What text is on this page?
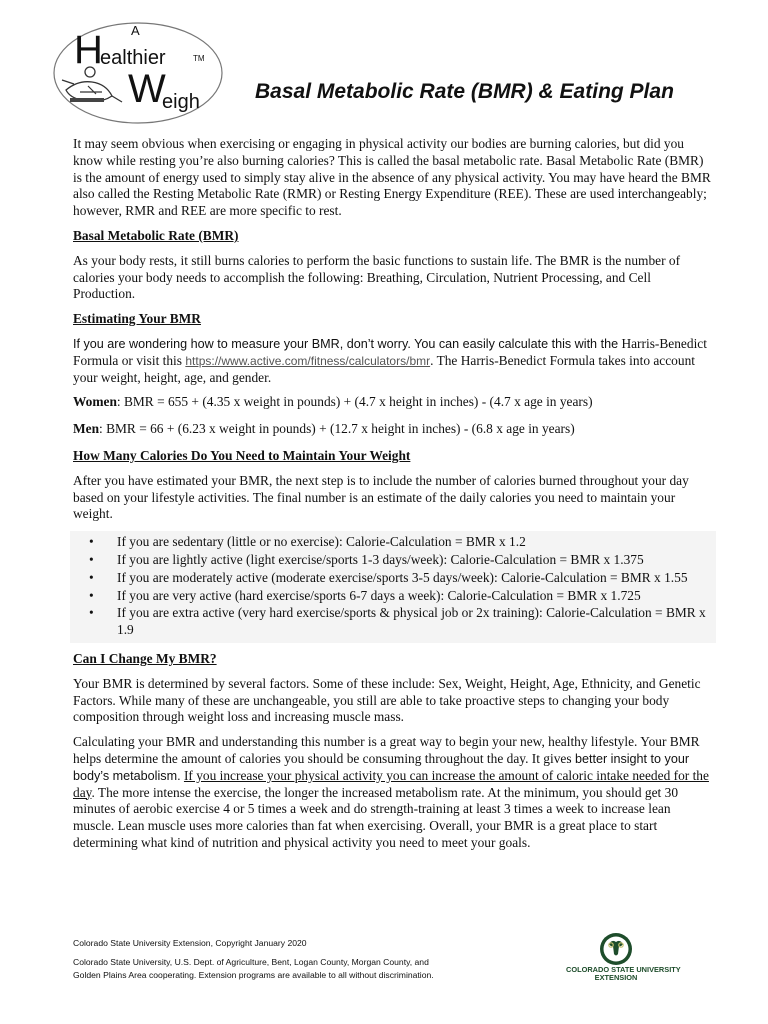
A
H
ealthier
W
eigh
TM
Basal Metabolic Rate (BMR) & Eating Plan

It may seem obvious when exercising or engaging in physical activity our bodies are burning calories, but did you know while resting you’re also burning calories? This is called the basal metabolic rate. Basal Metabolic Rate (BMR) is the amount of energy used to simply stay alive in the absence of any physical activity. You may have heard the BMR also called the Resting Metabolic Rate (RMR) or Resting Energy Expenditure (REE). These are used interchangeably; however, RMR and REE are more specific to rest.

Basal Metabolic Rate (BMR)

As your body rests, it still burns calories to perform the basic functions to sustain life. The BMR is the number of calories your body needs to accomplish the following: Breathing, Circulation, Nutrient Processing, and Cell Production.

Estimating Your BMR

If you are wondering how to measure your BMR, don’t worry. You can easily calculate this with the Harris-Benedict Formula or visit this https://www.active.com/fitness/calculators/bmr. The Harris-Benedict Formula takes into account your weight, height, age, and gender.

Women: BMR = 655 + (4.35 x weight in pounds) + (4.7 x height in inches) - (4.7 x age in years)

Men: BMR = 66 + (6.23 x weight in pounds) + (12.7 x height in inches) - (6.8 x age in years)

How Many Calories Do You Need to Maintain Your Weight

After you have estimated your BMR, the next step is to include the number of calories burned throughout your day based on your lifestyle activities. The final number is an estimate of the daily calories you need to maintain your weight.

• If you are sedentary (little or no exercise): Calorie-Calculation = BMR x 1.2
• If you are lightly active (light exercise/sports 1-3 days/week): Calorie-Calculation = BMR x 1.375
• If you are moderately active (moderate exercise/sports 3-5 days/week): Calorie-Calculation = BMR x 1.55
• If you are very active (hard exercise/sports 6-7 days a week): Calorie-Calculation = BMR x 1.725
• If you are extra active (very hard exercise/sports & physical job or 2x training): Calorie-Calculation = BMR x 1.9
Can I Change My BMR?

Your BMR is determined by several factors. Some of these include: Sex, Weight, Height, Age, Ethnicity, and Genetic Factors. While many of these are unchangeable, you still are able to take proactive steps to changing your body composition through weight loss and increasing muscle mass.

Calculating your BMR and understanding this number is a great way to begin your new, healthy lifestyle. Your BMR helps determine the amount of calories you should be consuming throughout the day. It gives better insight to your body’s metabolism. If you increase your physical activity you can increase the amount of caloric intake needed for the day. The more intense the exercise, the longer the increased metabolism rate. At the minimum, you should get 30 minutes of aerobic exercise 4 or 5 times a week and do strength-training at least 3 times a week to increase lean muscle. Lean muscle uses more calories than fat when exercising. Overall, your BMR is a great place to start determining what kind of nutrition and physical activity you need to meet your goals.

Colorado State University Extension, Copyright January 2020
Colorado State University, U.S. Dept. of Agriculture, Bent, Logan County, Morgan County, and
Golden Plains Area cooperating. Extension programs are available to all without discrimination.
COLORADO STATE UNIVERSITY
EXTENSION
